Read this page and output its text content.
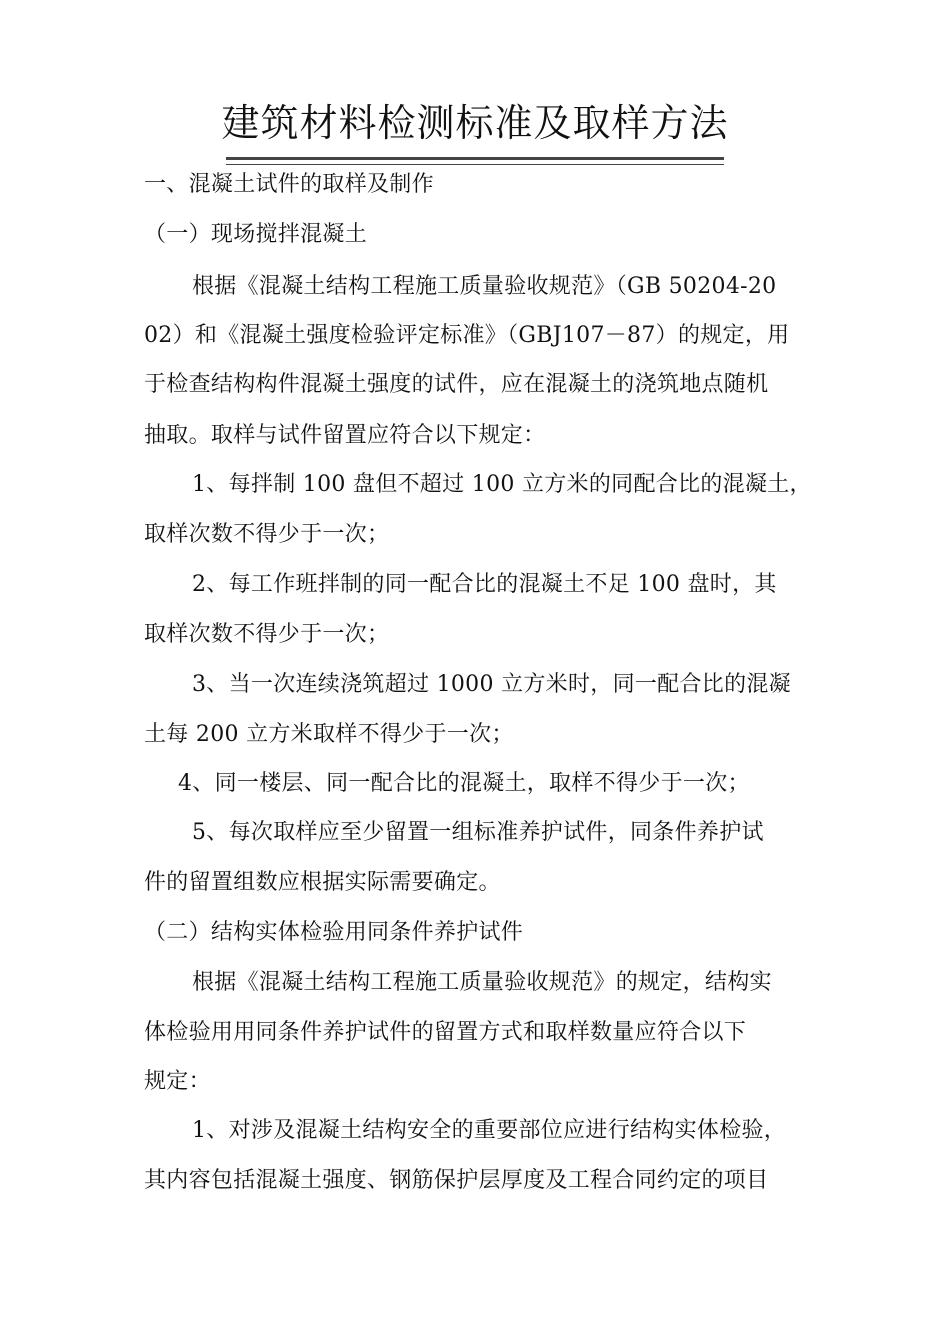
建筑材料检测标准及取样方法
一、混凝土试件的取样及制作
（一）现场搅拌混凝土
根据《混凝土结构工程施工质量验收规范》（GB 50204-20
02）和《混凝土强度检验评定标准》（GBJ107－87）的规定，用
于检查结构构件混凝土强度的试件，应在混凝土的浇筑地点随机
抽取。取样与试件留置应符合以下规定：
1、每拌制 100 盘但不超过 100 立方米的同配合比的混凝土，
取样次数不得少于一次；
2、每工作班拌制的同一配合比的混凝土不足 100 盘时，其
取样次数不得少于一次；
3、当一次连续浇筑超过 1000 立方米时，同一配合比的混凝
土每 200 立方米取样不得少于一次；
4、同一楼层、同一配合比的混凝土，取样不得少于一次；
5、每次取样应至少留置一组标准养护试件，同条件养护试
件的留置组数应根据实际需要确定。
（二）结构实体检验用同条件养护试件
根据《混凝土结构工程施工质量验收规范》的规定，结构实
体检验用用同条件养护试件的留置方式和取样数量应符合以下
规定：
1、对涉及混凝土结构安全的重要部位应进行结构实体检验，
其内容包括混凝土强度、钢筋保护层厚度及工程合同约定的项目
